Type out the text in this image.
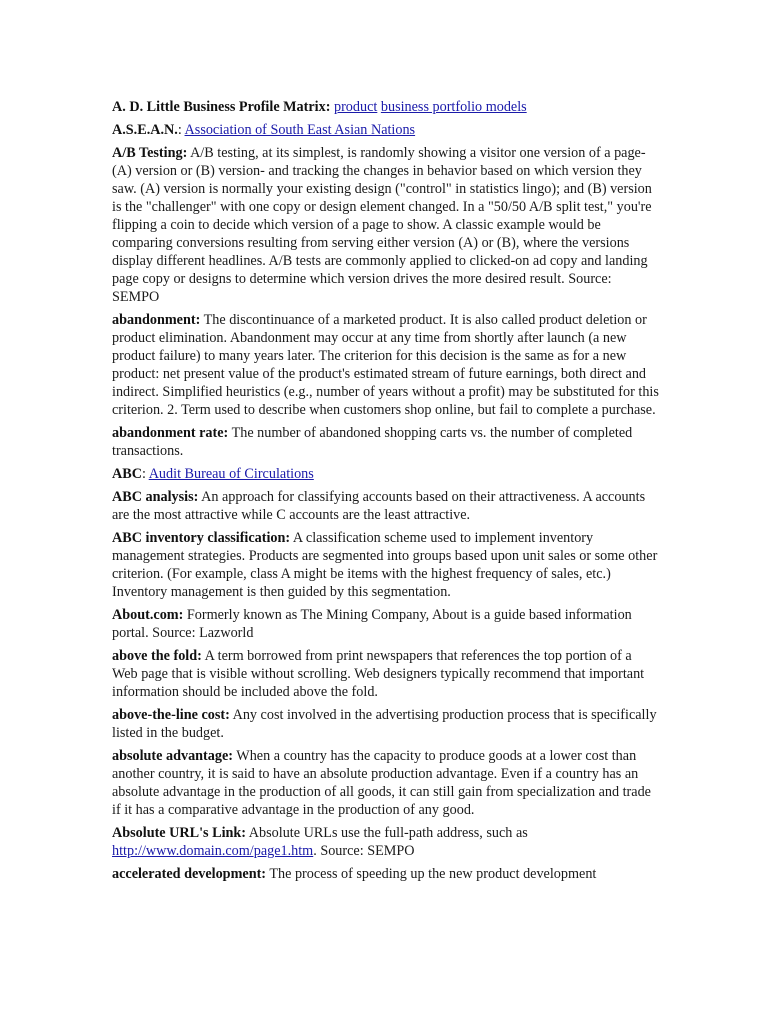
A. D. Little Business Profile Matrix: product business portfolio models

A.S.E.A.N.: Association of South East Asian Nations

A/B Testing: A/B testing, at its simplest, is randomly showing a visitor one version of a page- (A) version or (B) version- and tracking the changes in behavior based on which version they saw. (A) version is normally your existing design ("control" in statistics lingo); and (B) version is the "challenger" with one copy or design element changed. In a "50/50 A/B split test," you're flipping a coin to decide which version of a page to show. A classic example would be comparing conversions resulting from serving either version (A) or (B), where the versions display different headlines. A/B tests are commonly applied to clicked-on ad copy and landing page copy or designs to determine which version drives the more desired result. Source: SEMPO

abandonment: The discontinuance of a marketed product. It is also called product deletion or product elimination. Abandonment may occur at any time from shortly after launch (a new product failure) to many years later. The criterion for this decision is the same as for a new product: net present value of the product's estimated stream of future earnings, both direct and indirect. Simplified heuristics (e.g., number of years without a profit) may be substituted for this criterion. 2. Term used to describe when customers shop online, but fail to complete a purchase.

abandonment rate: The number of abandoned shopping carts vs. the number of completed transactions.

ABC: Audit Bureau of Circulations

ABC analysis: An approach for classifying accounts based on their attractiveness. A accounts are the most attractive while C accounts are the least attractive.

ABC inventory classification: A classification scheme used to implement inventory management strategies. Products are segmented into groups based upon unit sales or some other criterion. (For example, class A might be items with the highest frequency of sales, etc.) Inventory management is then guided by this segmentation.

About.com: Formerly known as The Mining Company, About is a guide based information portal. Source: Lazworld

above the fold: A term borrowed from print newspapers that references the top portion of a Web page that is visible without scrolling. Web designers typically recommend that important information should be included above the fold.

above-the-line cost: Any cost involved in the advertising production process that is specifically listed in the budget.

absolute advantage: When a country has the capacity to produce goods at a lower cost than another country, it is said to have an absolute production advantage. Even if a country has an absolute advantage in the production of all goods, it can still gain from specialization and trade if it has a comparative advantage in the production of any good.

Absolute URL's Link: Absolute URLs use the full-path address, such as http://www.domain.com/page1.htm. Source: SEMPO

accelerated development: The process of speeding up the new product development
